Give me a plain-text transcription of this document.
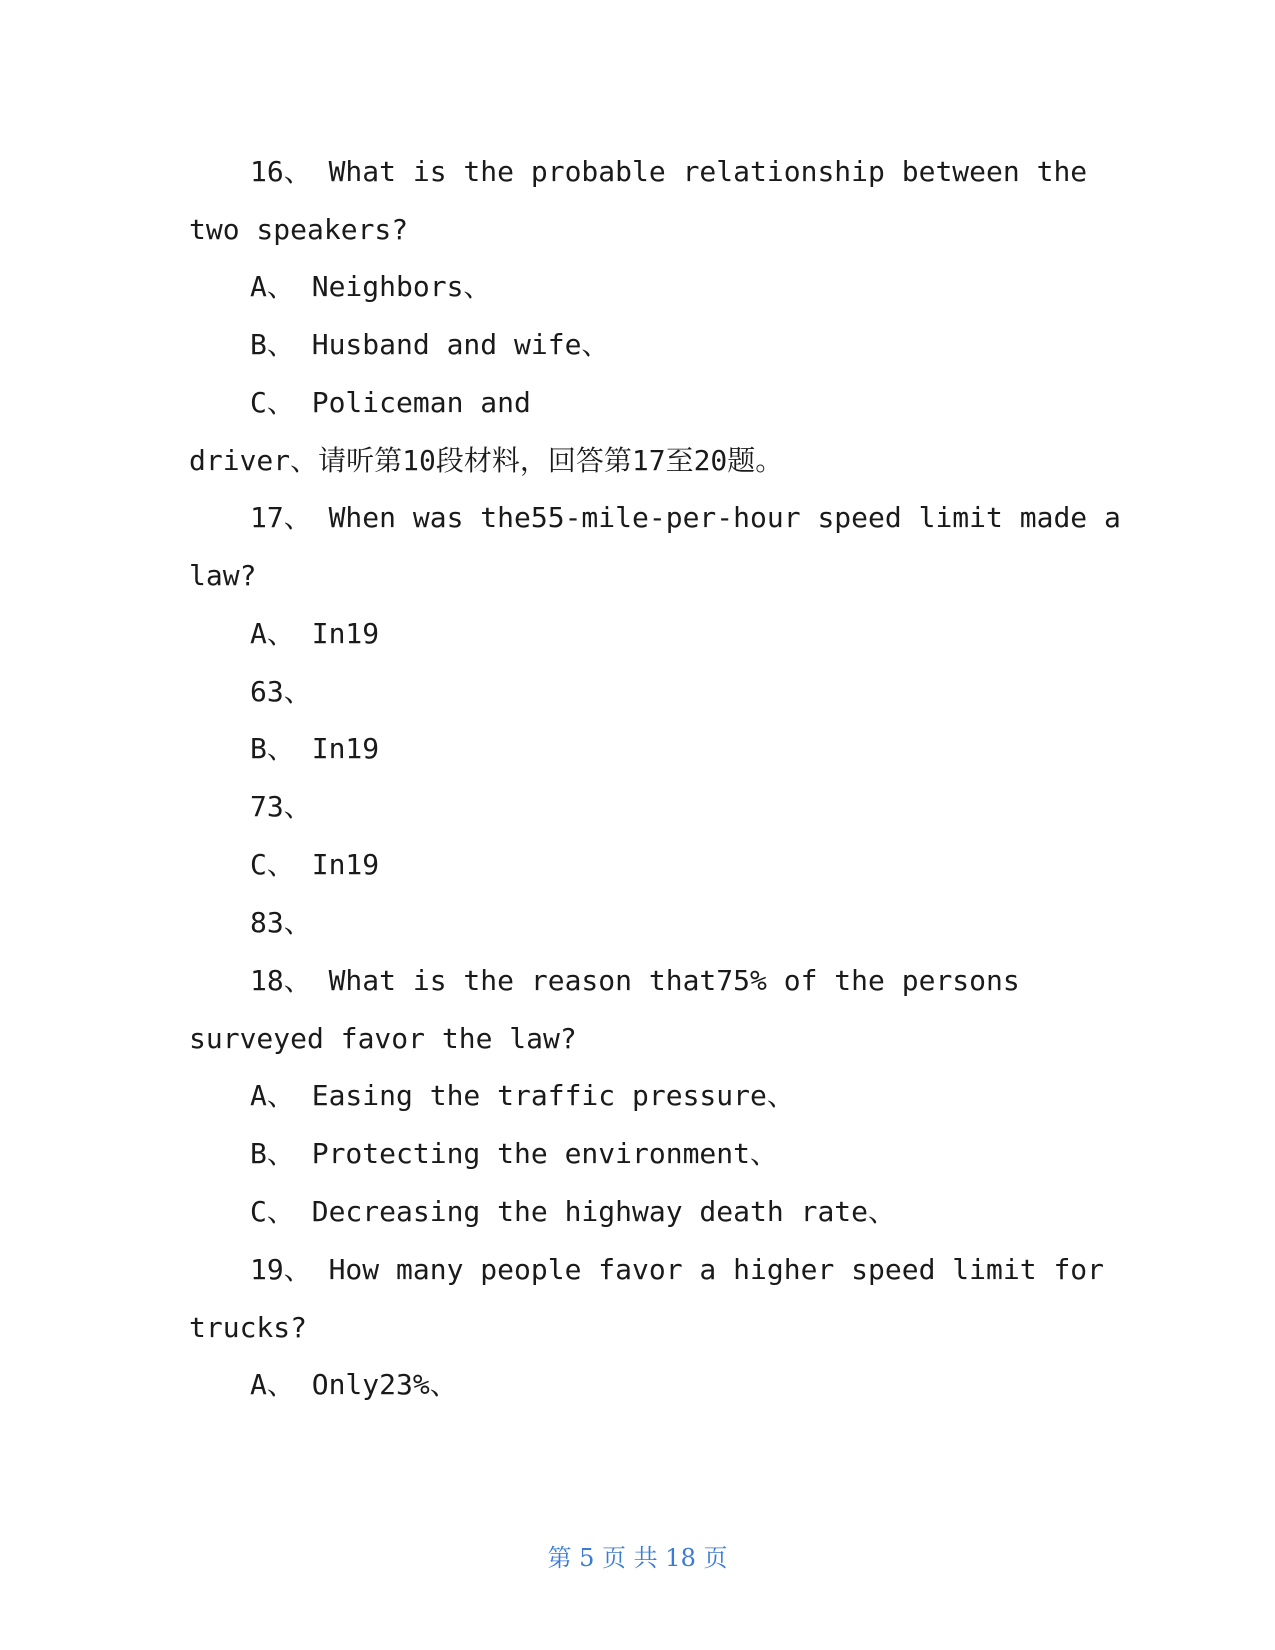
16、 What is the probable relationship between the
two speakers?
A、 Neighbors、
B、 Husband and wife、
C、 Policeman and
driver、请听第10段材料，回答第17至20题。
17、 When was the55-mile-per-hour speed limit made a
law?
A、 In19
63、
B、 In19
73、
C、 In19
83、
18、 What is the reason that75% of the persons
surveyed favor the law?
A、 Easing the traffic pressure、
B、 Protecting the environment、
C、 Decreasing the highway death rate、
19、 How many people favor a higher speed limit for
trucks?
A、 Only23%、
第 5 页 共 18 页
